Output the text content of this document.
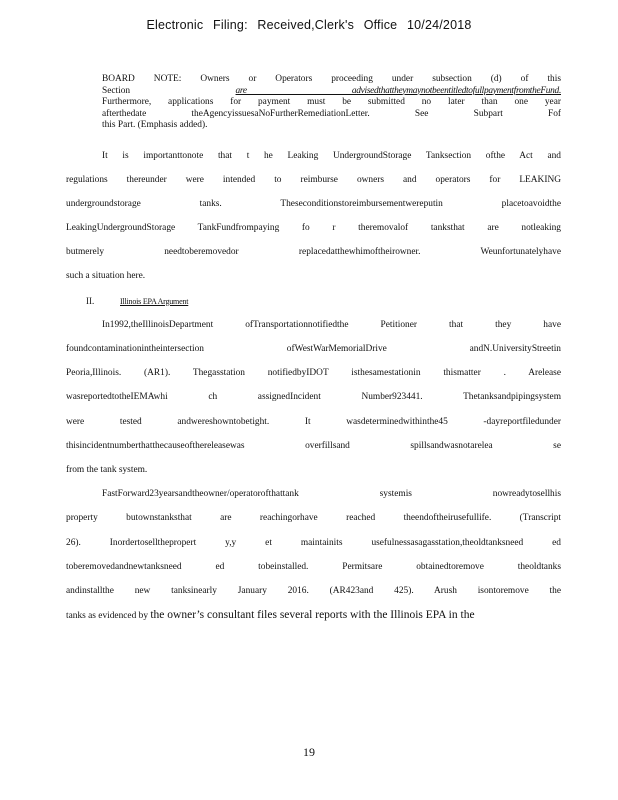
Electronic Filing: Received,Clerk's Office 10/24/2018
BOARD NOTE: Owners or Operators proceeding under subsection (d) of this
Section	are advisedthattheymaynotbeentitledtofullpaymentfromtheFund.
Furthermore, applications for payment must be submitted no later than one year
afterthedate theAgencyissuesaNoFurtherRemediationLetter. See Subpart Fof
this Part. (Emphasis added).
It is importanttonote that t he Leaking UndergroundStorage Tanksection ofthe Act and
regulations thereunder were intended to reimburse owners and operators for LEAKING
undergroundstorage tanks. Theseconditionstoreimbursementwereputin placetoavoidthe
LeakingUndergroundStorage TankFundfrompaying fo r theremovalof tanksthat are notleaking
butmerely needtoberemovedor replacedatthewhimoftheirowner. Weunfortunatelyhave
such a situation here.
II.	Illinois EPA Argument
In1992,theIllinoisDepartment ofTransportationnotifiedthe Petitioner that they have
foundcontaminationintheintersection ofWestWarMemorialDrive andN.UniversityStreetin
Peoria,Illinois. (AR1). Thegasstation notifiedbyIDOT isthesamestationin thismatter . Arelease
wasreportedtotheIEMAwhi ch assignedIncident Number923441. Thetanksandpipingsystem
were tested andwereshowntobetight. It wasdeterminedwithinthe45 -dayreportfiledunder
thisincidentnumberthatthecauseofthereleasewas overfillsand spillsandwasnotarelea se
from the tank system.
FastForward23yearsandtheowner/operatorofthattank systemis nowreadytosellhis
property butownstanksthat are reachingorhave reached theendoftheirusefullife. (Transcript
26). Inordertosellthepropert y,y et maintainits usefulnessasagasstation,theoldtanksneed ed
toberemovedandnewtanksneed ed tobeinstalled. Permitsare obtainedtoremove theoldtanks
andinstallthe new tanksinearly January 2016. (AR423and 425). Arush isontoremove the
tanks as evidenced by the owner’s consultant files several reports with the Illinois EPA in the
19
